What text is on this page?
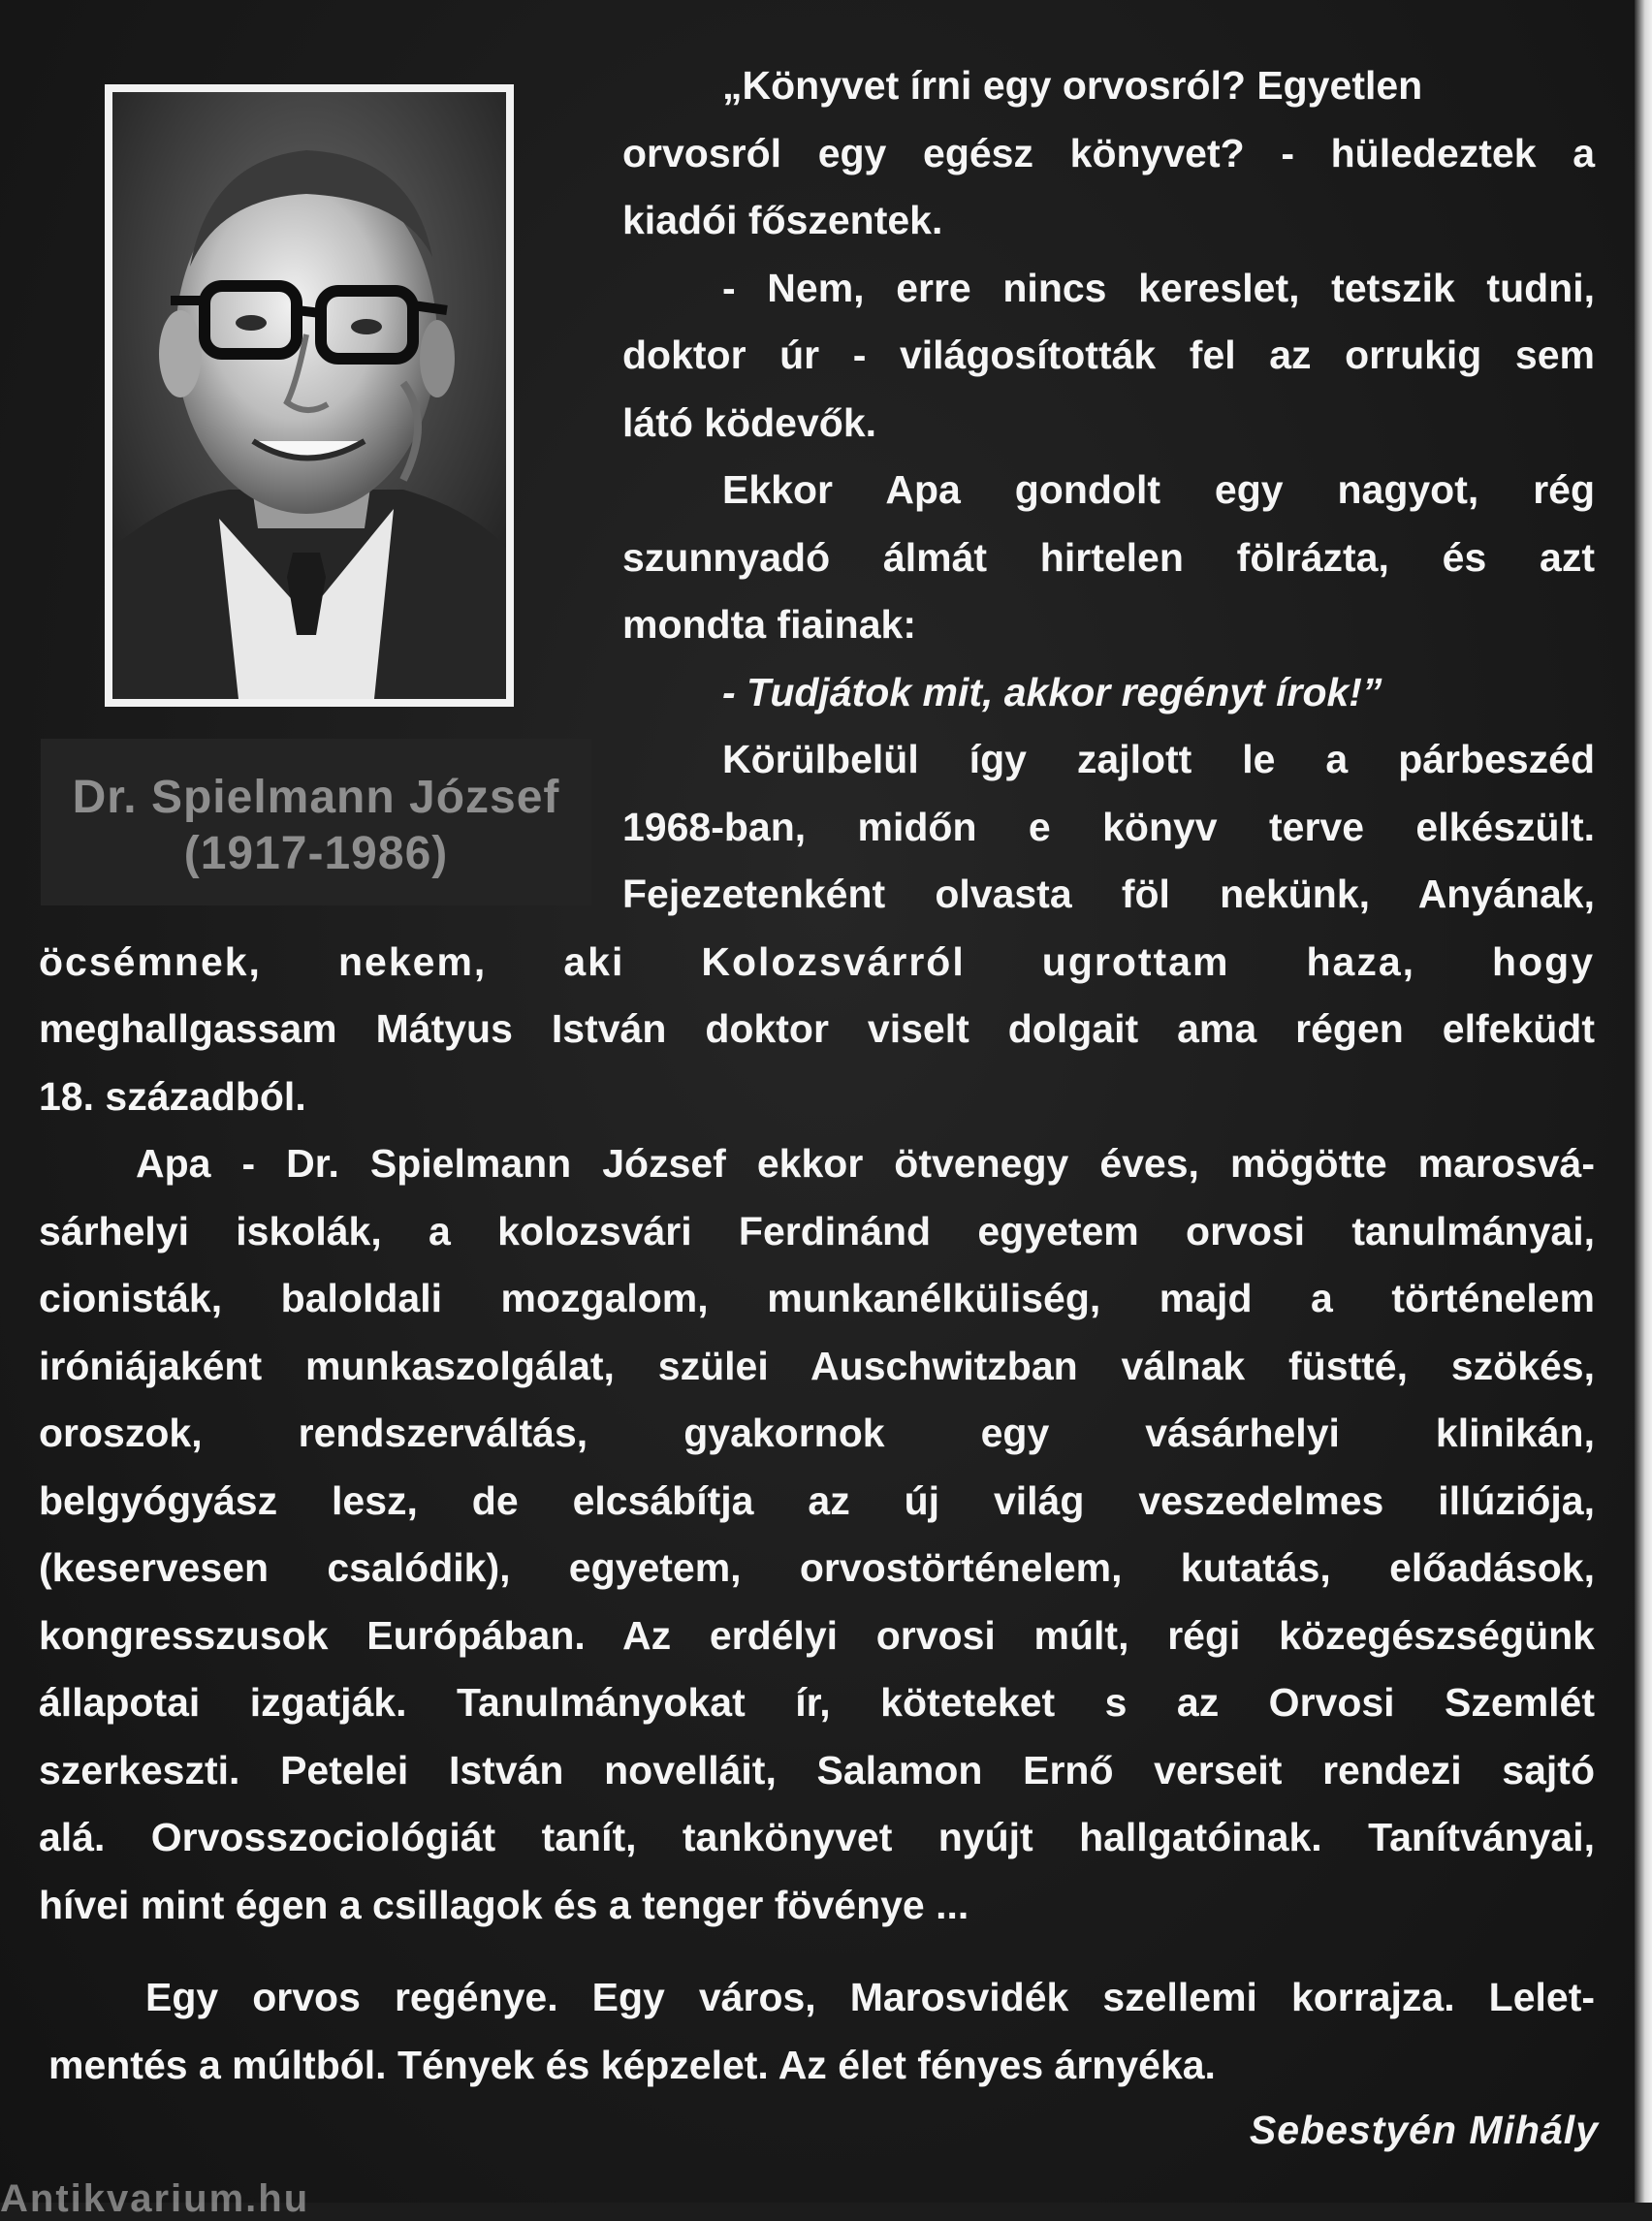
Dr. Spielmann József
(1917-1986)
„Könyvet írni egy orvosról? Egyetlen
orvosról egy egész könyvet? - hüledeztek a
kiadói főszentek.
- Nem, erre nincs kereslet, tetszik tudni,
doktor úr - világosították fel az orrukig sem
látó ködevők.
Ekkor Apa gondolt egy nagyot, rég
szunnyadó álmát hirtelen fölrázta, és azt
mondta fiainak:
- Tudjátok mit, akkor regényt írok!”
Körülbelül így zajlott le a párbeszéd
1968-ban, midőn e könyv terve elkészült.
Fejezetenként olvasta föl nekünk, Anyának,
öcsémnek, nekem, aki Kolozsvárról ugrottam haza, hogy
meghallgassam Mátyus István doktor viselt dolgait ama régen elfeküdt
18. századból.
Apa - Dr. Spielmann József ekkor ötvenegy éves, mögötte marosvá-
sárhelyi iskolák, a kolozsvári Ferdinánd egyetem orvosi tanulmányai,
cionisták, baloldali mozgalom, munkanélküliség, majd a történelem
iróniájaként munkaszolgálat, szülei Auschwitzban válnak füstté, szökés,
oroszok, rendszerváltás, gyakornok egy vásárhelyi klinikán,
belgyógyász lesz, de elcsábítja az új világ veszedelmes illúziója,
(keservesen csalódik), egyetem, orvostörténelem, kutatás, előadások,
kongresszusok Európában. Az erdélyi orvosi múlt, régi közegészségünk
állapotai izgatják. Tanulmányokat ír, köteteket s az Orvosi Szemlét
szerkeszti. Petelei István novelláit, Salamon Ernő verseit rendezi sajtó
alá. Orvosszociológiát tanít, tankönyvet nyújt hallgatóinak. Tanítványai,
hívei mint égen a csillagok és a tenger fövénye ...
Egy orvos regénye. Egy város, Marosvidék szellemi korrajza. Lelet-
mentés a múltból. Tények és képzelet. Az élet fényes árnyéka.
Sebestyén Mihály
Antikvarium.hu
